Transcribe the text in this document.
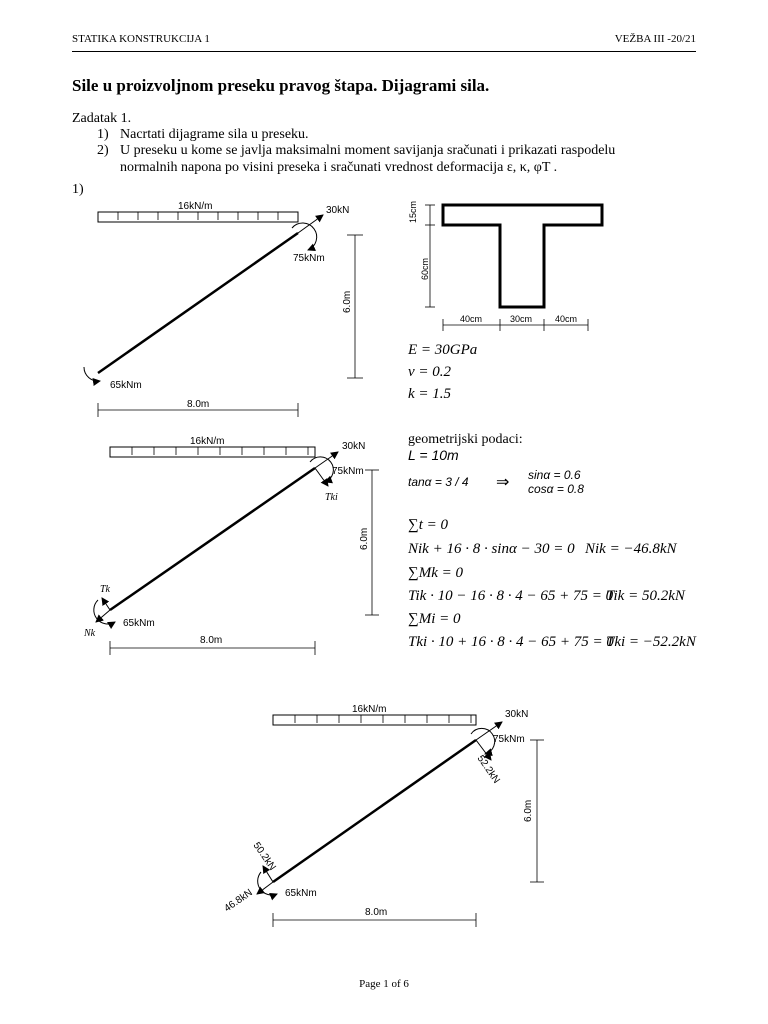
STATIKA KONSTRUKCIJA 1	VEŽBA III -20/21
Sile u proizvoljnom preseku pravog štapa. Dijagrami sila.
Zadatak 1.
1) Nacrtati dijagrame sila u preseku.
2) U preseku u kome se javlja maksimalni moment savijanja sračunati i prikazati raspodelu
normalnih napona po visini preseka i sračunati vrednost deformacija ε, κ, φT .
1)
16kN/m	30kN
75kNm
65kNm
8.0m
6.0m
15cm
60cm
40cm	30cm	40cm
E = 30GPa
ν = 0.2
k = 1.5
16kN/m	30kN
75kNm
Tki
65kNm
Tk
Nk
8.0m
6.0m
geometrijski podaci:
L = 10m
tanα = 3 / 4 ⇒ sinα = 0.6
cosα = 0.8
∑t = 0
Nik + 16 · 8 · sinα − 30 = 0 Nik = −46.8kN
∑Mk = 0
Tik · 10 − 16 · 8 · 4 − 65 + 75 = 0
Tik = 50.2kN
∑Mi = 0
Tki · 10 + 16 · 8 · 4 − 65 + 75 = 0
Tki = −52.2kN
16kN/m	30kN
75kNm
52.2kN
65kNm
50.2kN
46.8kN	8.0m
6.0m
Page 1 of 6
